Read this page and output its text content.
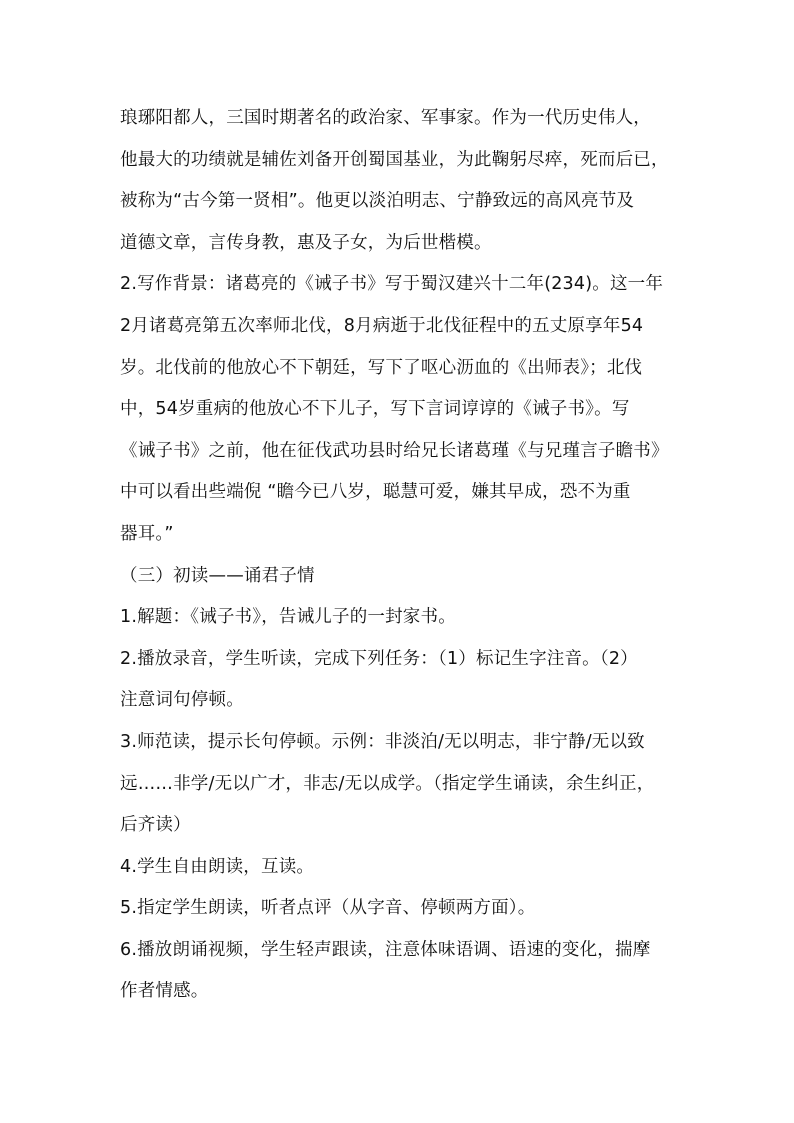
琅琊阳都人，三国时期著名的政治家、军事家。作为一代历史伟人，
他最大的功绩就是辅佐刘备开创蜀国基业，为此鞠躬尽瘁，死而后已，
被称为“古今第一贤相”。他更以淡泊明志、宁静致远的高风亮节及
道德文章，言传身教，惠及子女，为后世楷模。
2.写作背景：诸葛亮的《诫子书》写于蜀汉建兴十二年(234)。这一年
2月诸葛亮第五次率师北伐，8月病逝于北伐征程中的五丈原享年54
岁。北伐前的他放心不下朝廷，写下了呕心沥血的《出师表》；北伐
中，54岁重病的他放心不下儿子，写下言词谆谆的《诫子书》。写
《诫子书》之前，他在征伐武功县时给兄长诸葛瑾《与兄瑾言子瞻书》
中可以看出些端倪 “瞻今已八岁，聪慧可爱，嫌其早成，恐不为重
器耳。”
（三）初读——诵君子情
1.解题：《诫子书》，告诫儿子的一封家书。
2.播放录音，学生听读，完成下列任务：（1）标记生字注音。（2）
注意词句停顿。
3.师范读，提示长句停顿。示例：非淡泊/无以明志，非宁静/无以致
远……非学/无以广才，非志/无以成学。（指定学生诵读，余生纠正，
后齐读）
4.学生自由朗读，互读。
5.指定学生朗读，听者点评（从字音、停顿两方面）。
6.播放朗诵视频，学生轻声跟读，注意体味语调、语速的变化，揣摩
作者情感。
